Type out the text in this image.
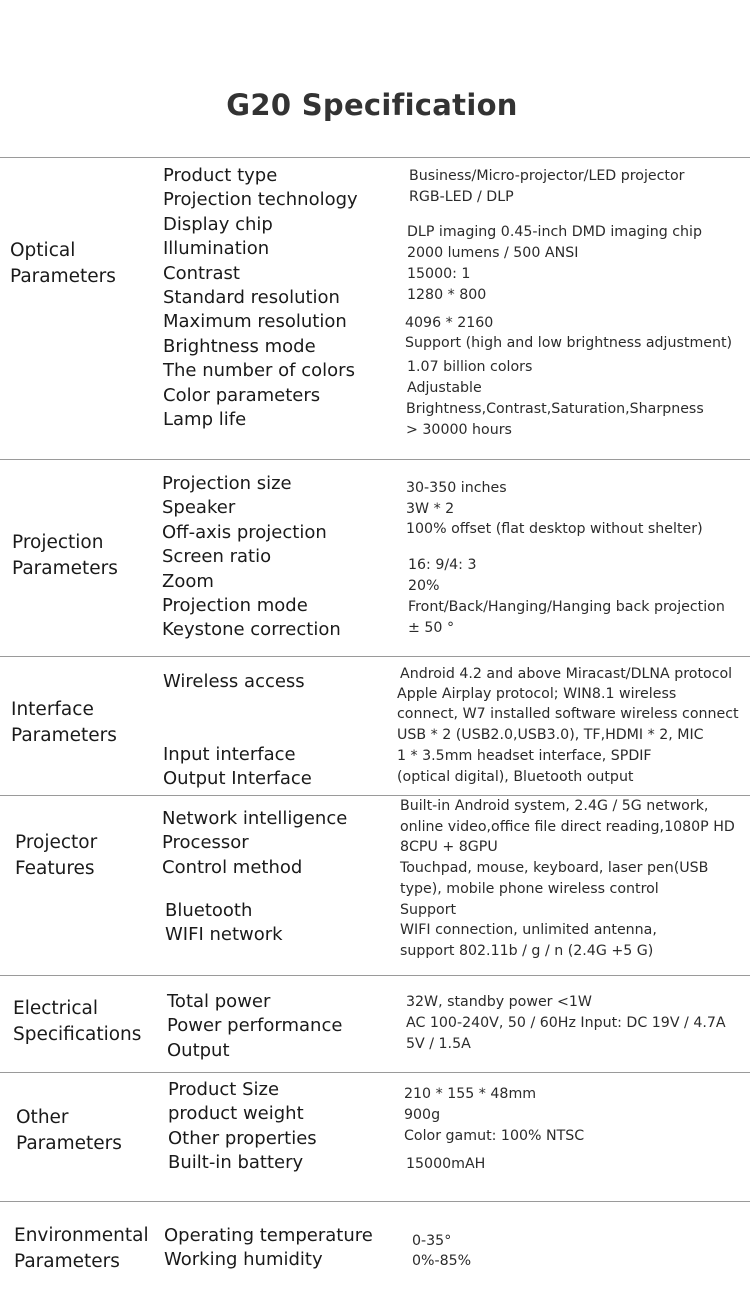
G20 Specification
Optical
Parameters
Product type
Projection technology
Display chip
Illumination
Contrast
Standard resolution
Maximum resolution
Brightness mode
The number of colors
Color parameters
Lamp life
Business/Micro-projector/LED projector
RGB-LED / DLP
DLP imaging 0.45-inch DMD imaging chip
2000 lumens / 500 ANSI
15000: 1
1280 * 800
4096 * 2160
Support (high and low brightness adjustment)
1.07 billion colors
Adjustable
Brightness,Contrast,Saturation,Sharpness
> 30000 hours
Projection
Parameters
Projection size
Speaker
Off-axis projection
Screen ratio
Zoom
Projection mode
Keystone correction
30-350 inches
3W * 2
100% offset (flat desktop without shelter)
16: 9/4: 3
20%
Front/Back/Hanging/Hanging back projection
± 50 °
Interface
Parameters
Wireless access
Input interface
Output Interface
Android 4.2 and above Miracast/DLNA protocol
Apple Airplay protocol; WIN8.1 wireless
connect, W7 installed software wireless connect
USB * 2 (USB2.0,USB3.0), TF,HDMI * 2, MIC
1 * 3.5mm headset interface, SPDIF
(optical digital), Bluetooth output
Projector
Features
Network intelligence
Processor
Control method
Bluetooth
WIFI network
Built-in Android system, 2.4G / 5G network,
online video,office file direct reading,1080P HD
8CPU + 8GPU
Touchpad, mouse, keyboard, laser pen(USB
type), mobile phone wireless control
Support
WIFI connection, unlimited antenna,
support 802.11b / g / n (2.4G +5 G)
Electrical
Specifications
Total power
Power performance
Output
32W, standby power <1W
AC 100-240V, 50 / 60Hz Input: DC 19V / 4.7A
5V / 1.5A
Other
Parameters
Product Size
product weight
Other properties
Built-in battery
210 * 155 * 48mm
900g
Color gamut: 100% NTSC
15000mAH
Environmental
Parameters
Operating temperature
Working humidity
0-35°
0%-85%
